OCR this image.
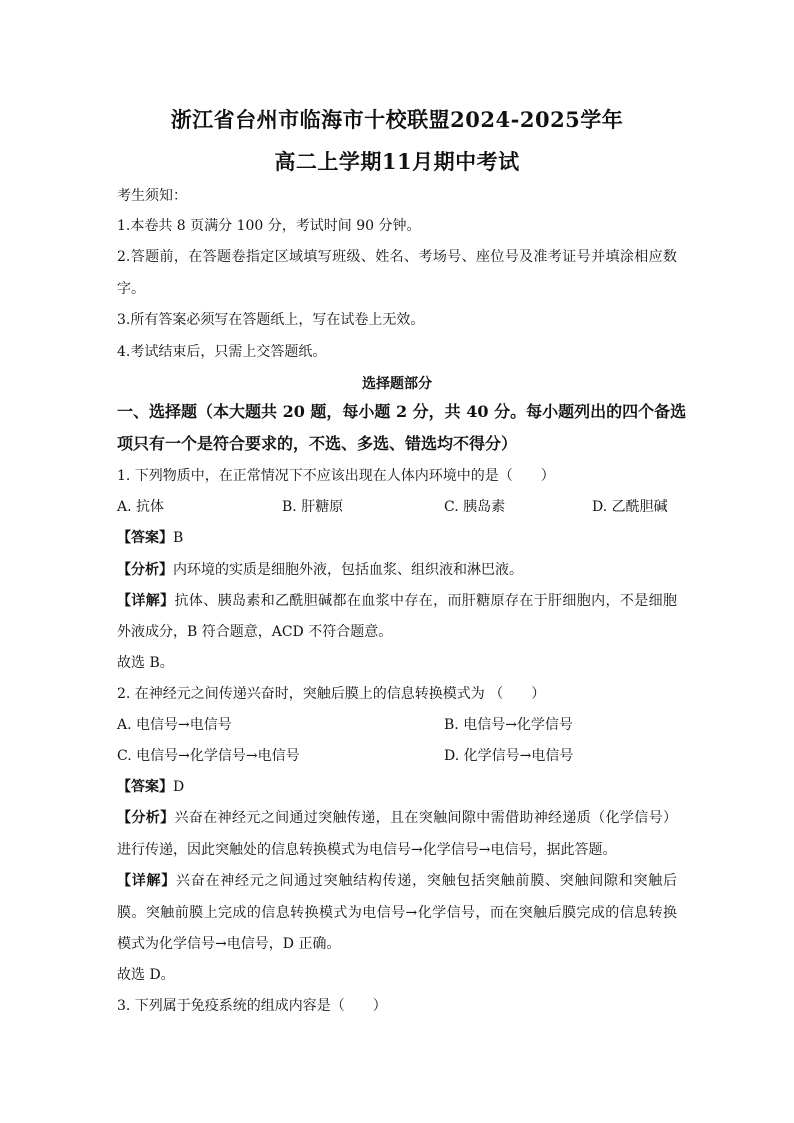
浙江省台州市临海市十校联盟2024-2025学年
高二上学期11月期中考试
考生须知：
1.本卷共 8 页满分 100 分，考试时间 90 分钟。
2.答题前，在答题卷指定区域填写班级、姓名、考场号、座位号及准考证号并填涂相应数
字。
3.所有答案必须写在答题纸上，写在试卷上无效。
4.考试结束后，只需上交答题纸。
选择题部分
一、选择题（本大题共 20 题，每小题 2 分，共 40 分。每小题列出的四个备选
项只有一个是符合要求的，不选、多选、错选均不得分）
1. 下列物质中，在正常情况下不应该出现在人体内环境中的是（　　）
A. 抗体	B. 肝糖原	C. 胰岛素	D. 乙酰胆碱
【答案】B
【分析】内环境的实质是细胞外液，包括血浆、组织液和淋巴液。
【详解】抗体、胰岛素和乙酰胆碱都在血浆中存在，而肝糖原存在于肝细胞内，不是细胞
外液成分，B 符合题意，ACD 不符合题意。
故选 B。
2. 在神经元之间传递兴奋时，突触后膜上的信息转换模式为 （　　）
A. 电信号→电信号	B. 电信号→化学信号
C. 电信号→化学信号→电信号	D. 化学信号→电信号
【答案】D
【分析】兴奋在神经元之间通过突触传递，且在突触间隙中需借助神经递质（化学信号）
进行传递，因此突触处的信息转换模式为电信号→化学信号→电信号，据此答题。
【详解】兴奋在神经元之间通过突触结构传递，突触包括突触前膜、突触间隙和突触后
膜。突触前膜上完成的信息转换模式为电信号→化学信号，而在突触后膜完成的信息转换
模式为化学信号→电信号，D 正确。
故选 D。
3. 下列属于免疫系统的组成内容是（　　）
